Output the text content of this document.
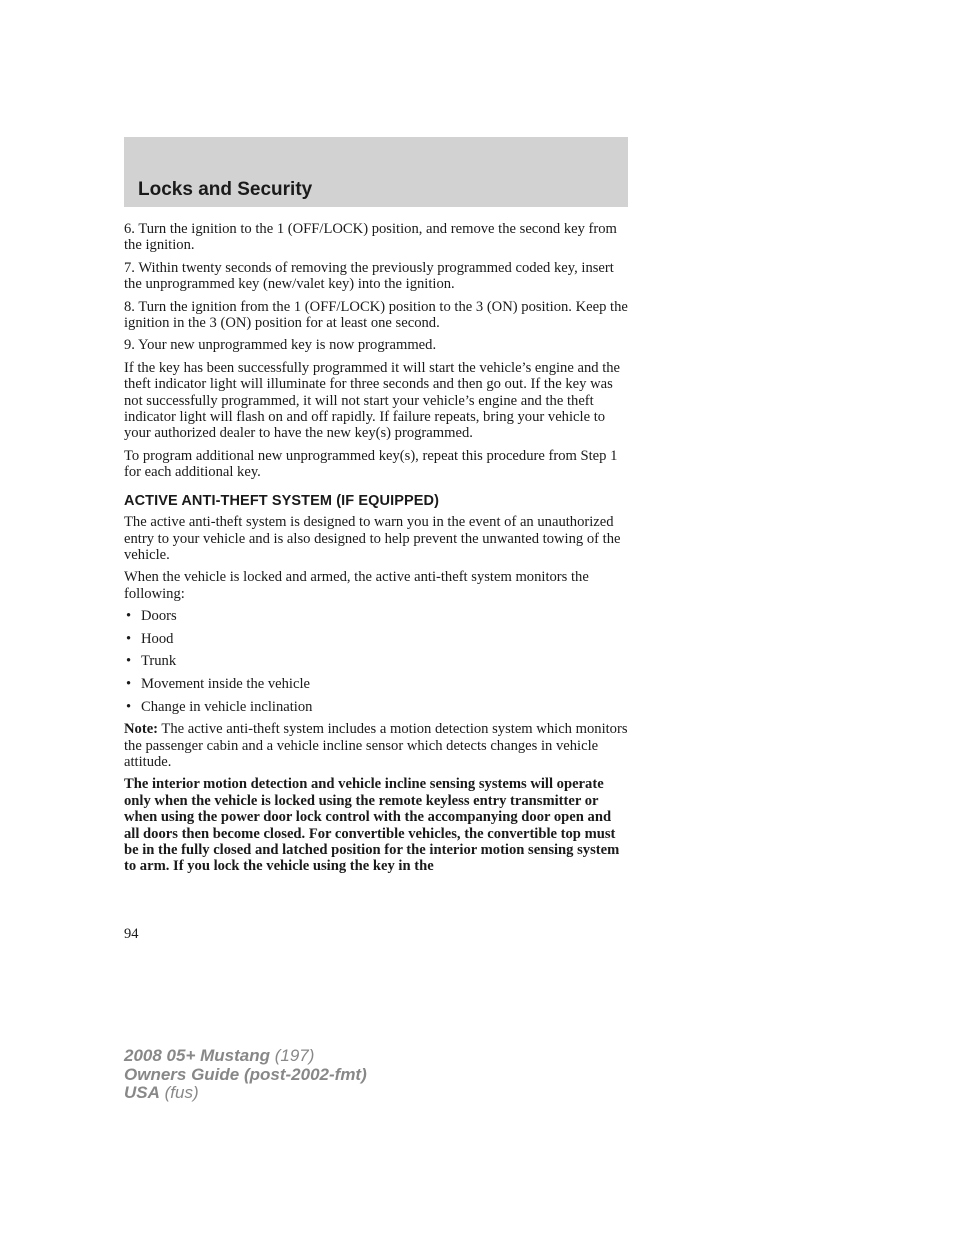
Locks and Security

6. Turn the ignition to the 1 (OFF/LOCK) position, and remove the second key from the ignition.

7. Within twenty seconds of removing the previously programmed coded key, insert the unprogrammed key (new/valet key) into the ignition.

8. Turn the ignition from the 1 (OFF/LOCK) position to the 3 (ON) position. Keep the ignition in the 3 (ON) position for at least one second.

9. Your new unprogrammed key is now programmed.

If the key has been successfully programmed it will start the vehicle’s engine and the theft indicator light will illuminate for three seconds and then go out. If the key was not successfully programmed, it will not start your vehicle’s engine and the theft indicator light will flash on and off rapidly. If failure repeats, bring your vehicle to your authorized dealer to have the new key(s) programmed.

To program additional new unprogrammed key(s), repeat this procedure from Step 1 for each additional key.

ACTIVE ANTI-THEFT SYSTEM (IF EQUIPPED)

The active anti-theft system is designed to warn you in the event of an unauthorized entry to your vehicle and is also designed to help prevent the unwanted towing of the vehicle.

When the vehicle is locked and armed, the active anti-theft system monitors the following:

• Doors
• Hood
• Trunk
• Movement inside the vehicle
• Change in vehicle inclination

Note: The active anti-theft system includes a motion detection system which monitors the passenger cabin and a vehicle incline sensor which detects changes in vehicle attitude.

The interior motion detection and vehicle incline sensing systems will operate only when the vehicle is locked using the remote keyless entry transmitter or when using the power door lock control with the accompanying door open and all doors then become closed. For convertible vehicles, the convertible top must be in the fully closed and latched position for the interior motion sensing system to arm. If you lock the vehicle using the key in the

94
2008 05+ Mustang (197)
Owners Guide (post-2002-fmt)
USA (fus)
